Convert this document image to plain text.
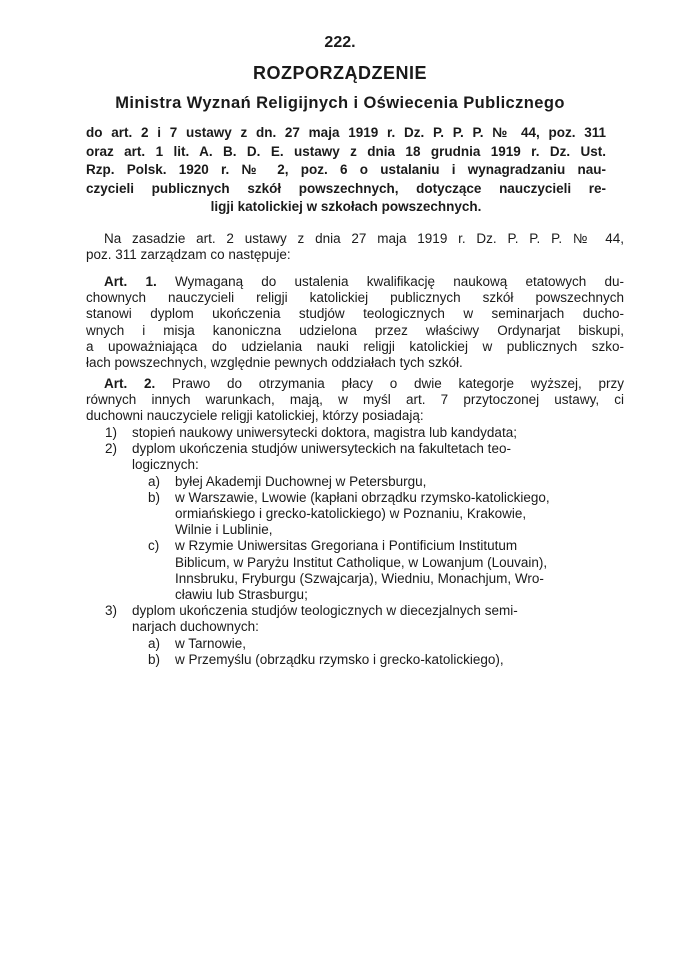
222.
ROZPORZĄDZENIE
Ministra Wyznań Religijnych i Oświecenia Publicznego
do art. 2 i 7 ustawy z dn. 27 maja 1919 r. Dz. P. P. P. № 44, poz. 311
oraz art. 1 lit. A. B. D. E. ustawy z dnia 18 grudnia 1919 r. Dz. Ust.
Rzp. Polsk. 1920 r. № 2, poz. 6 o ustalaniu i wynagradzaniu nau-
czycieli publicznych szkół powszechnych, dotyczące nauczycieli re-
ligji katolickiej w szkołach powszechnych.
Na zasadzie art. 2 ustawy z dnia 27 maja 1919 r. Dz. P. P. P. № 44,
poz. 311 zarządzam co następuje:
Art. 1. Wymaganą do ustalenia kwalifikację naukową etatowych du-
chownych nauczycieli religji katolickiej publicznych szkół powszechnych
stanowi dyplom ukończenia studjów teologicznych w seminarjach ducho-
wnych i misja kanoniczna udzielona przez właściwy Ordynarjat biskupi,
a upoważniająca do udzielania nauki religji katolickiej w publicznych szko-
łach powszechnych, względnie pewnych oddziałach tych szkół.
Art. 2. Prawo do otrzymania płacy o dwie kategorje wyższej, przy
równych innych warunkach, mają, w myśl art. 7 przytoczonej ustawy, ci
duchowni nauczyciele religji katolickiej, którzy posiadają:
1) stopień naukowy uniwersytecki doktora, magistra lub kandydata;
2) dyplom ukończenia studjów uniwersyteckich na fakultetach teo-
logicznych:
a) byłej Akademji Duchownej w Petersburgu,
b) w Warszawie, Lwowie (kapłani obrządku rzymsko-katolickiego,
ormiańskiego i grecko-katolickiego) w Poznaniu, Krakowie,
Wilnie i Lublinie,
c) w Rzymie Uniwersitas Gregoriana i Pontificium Institutum
Biblicum, w Paryżu Institut Catholique, w Lowanjum (Louvain),
Innsbruku, Fryburgu (Szwajcarja), Wiedniu, Monachjum, Wro-
cławiu lub Strasburgu;
3) dyplom ukończenia studjów teologicznych w diecezjalnych semi-
narjach duchownych:
a) w Tarnowie,
b) w Przemyślu (obrządku rzymsko i grecko-katolickiego),
